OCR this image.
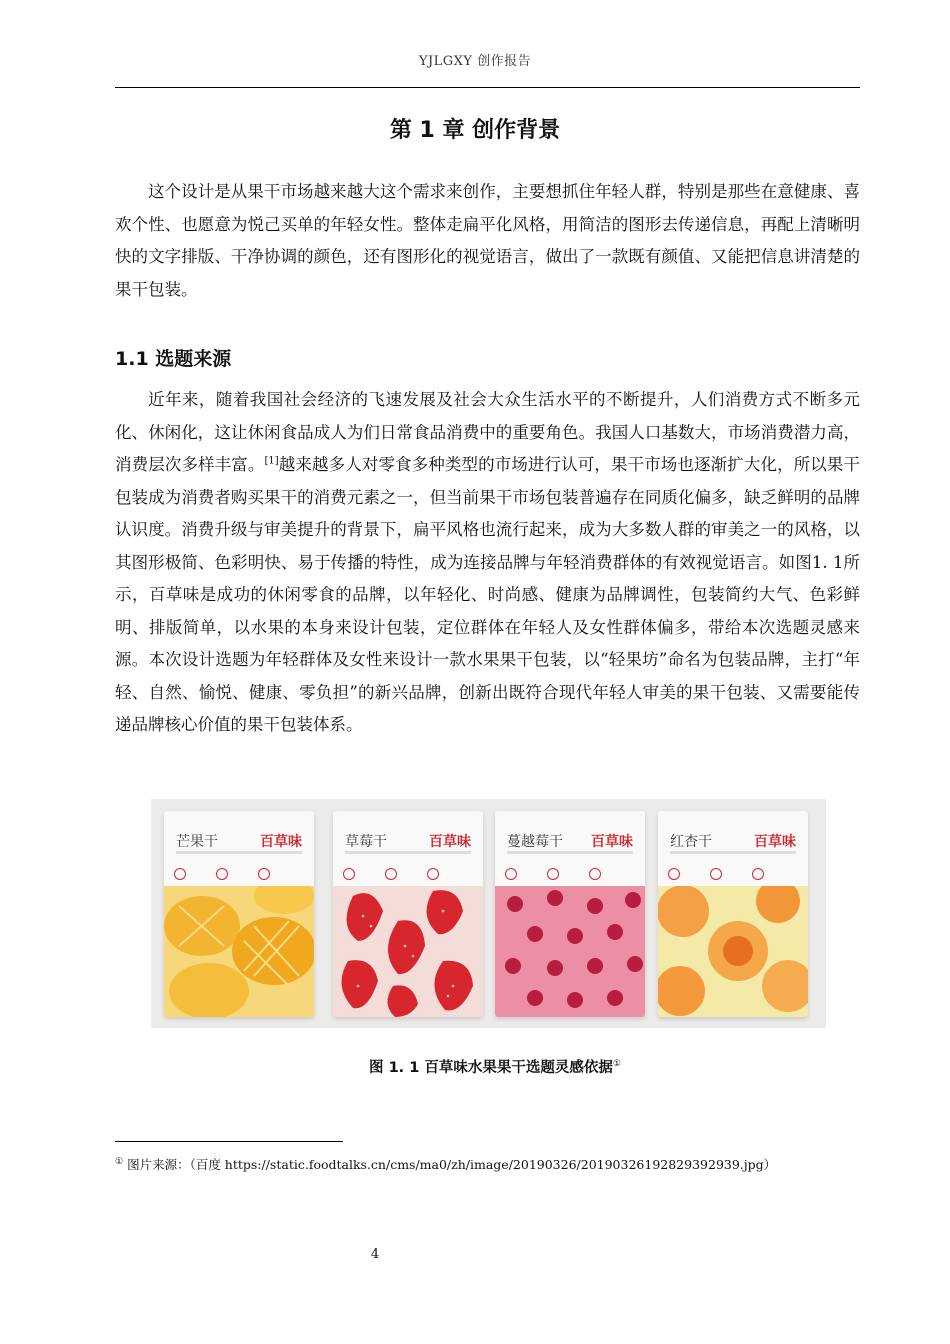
YJLGXY 创作报告
第 1 章 创作背景

这个设计是从果干市场越来越大这个需求来创作，主要想抓住年轻人群，特别是那些在意健康、喜欢个性、也愿意为悦己买单的年轻女性。整体走扁平化风格，用简洁的图形去传递信息，再配上清晰明快的文字排版、干净协调的颜色，还有图形化的视觉语言，做出了一款既有颜值、又能把信息讲清楚的果干包装。

1.1 选题来源

近年来，随着我国社会经济的飞速发展及社会大众生活水平的不断提升，人们消费方式不断多元化、休闲化，这让休闲食品成人为们日常食品消费中的重要角色。我国人口基数大，市场消费潜力高，消费层次多样丰富。[1]越来越多人对零食多种类型的市场进行认可，果干市场也逐渐扩大化，所以果干包装成为消费者购买果干的消费元素之一，但当前果干市场包装普遍存在同质化偏多，缺乏鲜明的品牌认识度。消费升级与审美提升的背景下，扁平风格也流行起来，成为大多数人群的审美之一的风格，以其图形极简、色彩明快、易于传播的特性，成为连接品牌与年轻消费群体的有效视觉语言。如图1. 1所示，百草味是成功的休闲零食的品牌，以年轻化、时尚感、健康为品牌调性，包装简约大气、色彩鲜明、排版简单，以水果的本身来设计包装，定位群体在年轻人及女性群体偏多，带给本次选题灵感来源。本次设计选题为年轻群体及女性来设计一款水果果干包装，以“轻果坊”命名为包装品牌，主打“年轻、自然、愉悦、健康、零负担”的新兴品牌，创新出既符合现代年轻人审美的果干包装、又需要能传递品牌核心价值的果干包装体系。

芒果干	百草味	草莓干	百草味	蔓越莓干 百草味	红杏干	百草味
图 1. 1 百草味水果果干选题灵感依据①
① 图片来源：（百度 https://static.foodtalks.cn/cms/ma0/zh/image/20190326/20190326192829392939.jpg）
4
